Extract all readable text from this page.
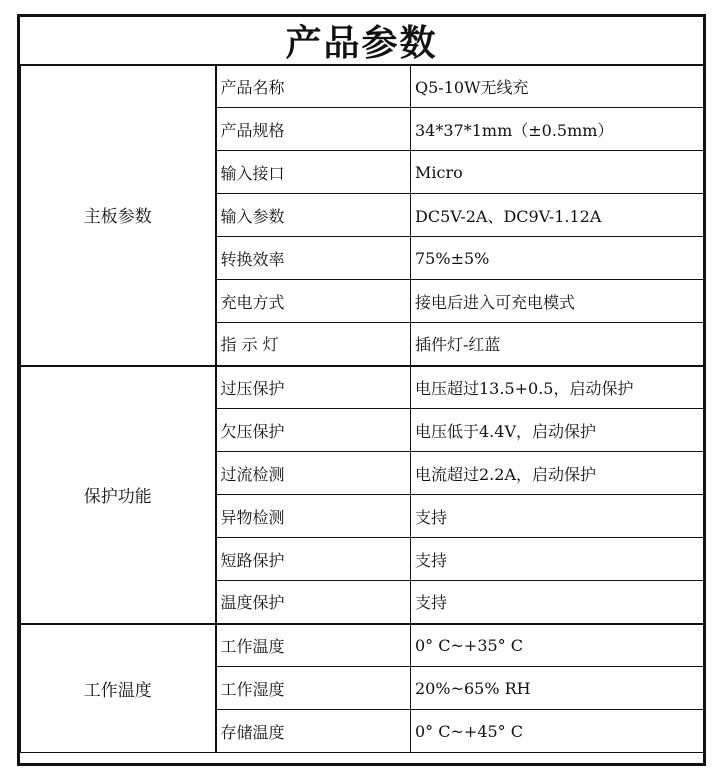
产品参数
主板参数	产品名称	Q5-10W无线充
	产品规格	34*37*1mm（±0.5mm）
	输入接口	Micro
	输入参数	DC5V-2A、DC9V-1.12A
	转换效率	75%±5%
	充电方式	接电后进入可充电模式
	指 示 灯	插件灯-红蓝
保护功能	过压保护	电压超过13.5+0.5，启动保护
	欠压保护	电压低于4.4V，启动保护
	过流检测	电流超过2.2A，启动保护
	异物检测	支持
	短路保护	支持
	温度保护	支持
工作温度	工作温度	0° C~+35° C
	工作湿度	20%~65% RH
	存储温度	0° C~+45° C
